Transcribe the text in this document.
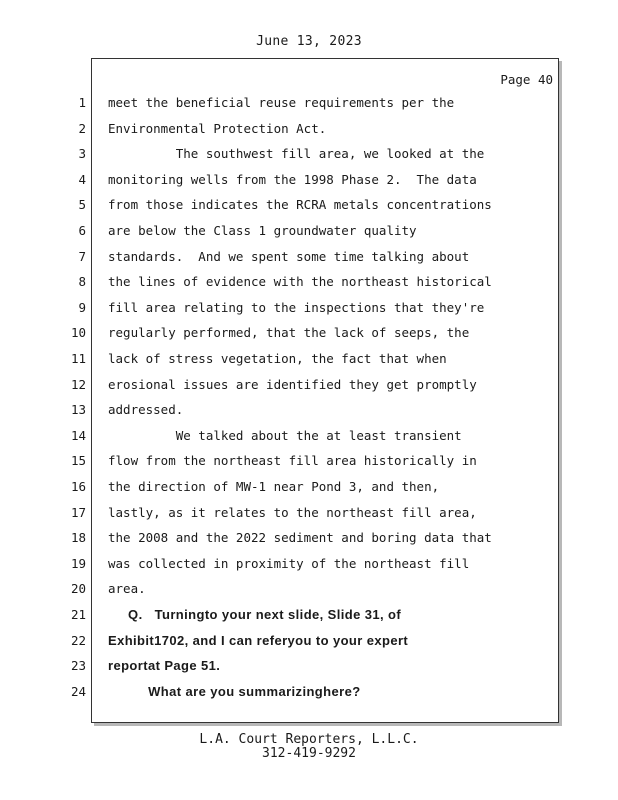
June 13, 2023
Page 40
1 meet the beneficial reuse requirements per the
2 Environmental Protection Act.
3 The southwest fill area, we looked at the
4 monitoring wells from the 1998 Phase 2.  The data
5 from those indicates the RCRA metals concentrations
6 are below the Class 1 groundwater quality
7 standards.  And we spent some time talking about
8 the lines of evidence with the northeast historical
9 fill area relating to the inspections that they're
10 regularly performed, that the lack of seeps, the
11 lack of stress vegetation, the fact that when
12 erosional issues are identified they get promptly
13 addressed.
14 We talked about the at least transient
15 flow from the northeast fill area historically in
16 the direction of MW-1 near Pond 3, and then,
17 lastly, as it relates to the northeast fill area,
18 the 2008 and the 2022 sediment and boring data that
19 was collected in proximity of the northeast fill
20 area.
21 Q.   Turningto your next slide, Slide 31, of
22 Exhibit1702, and I can referyou to your expert
23 reportat Page 51.
24 What are you summarizinghere?
L.A. Court Reporters, L.L.C.
312-419-9292
